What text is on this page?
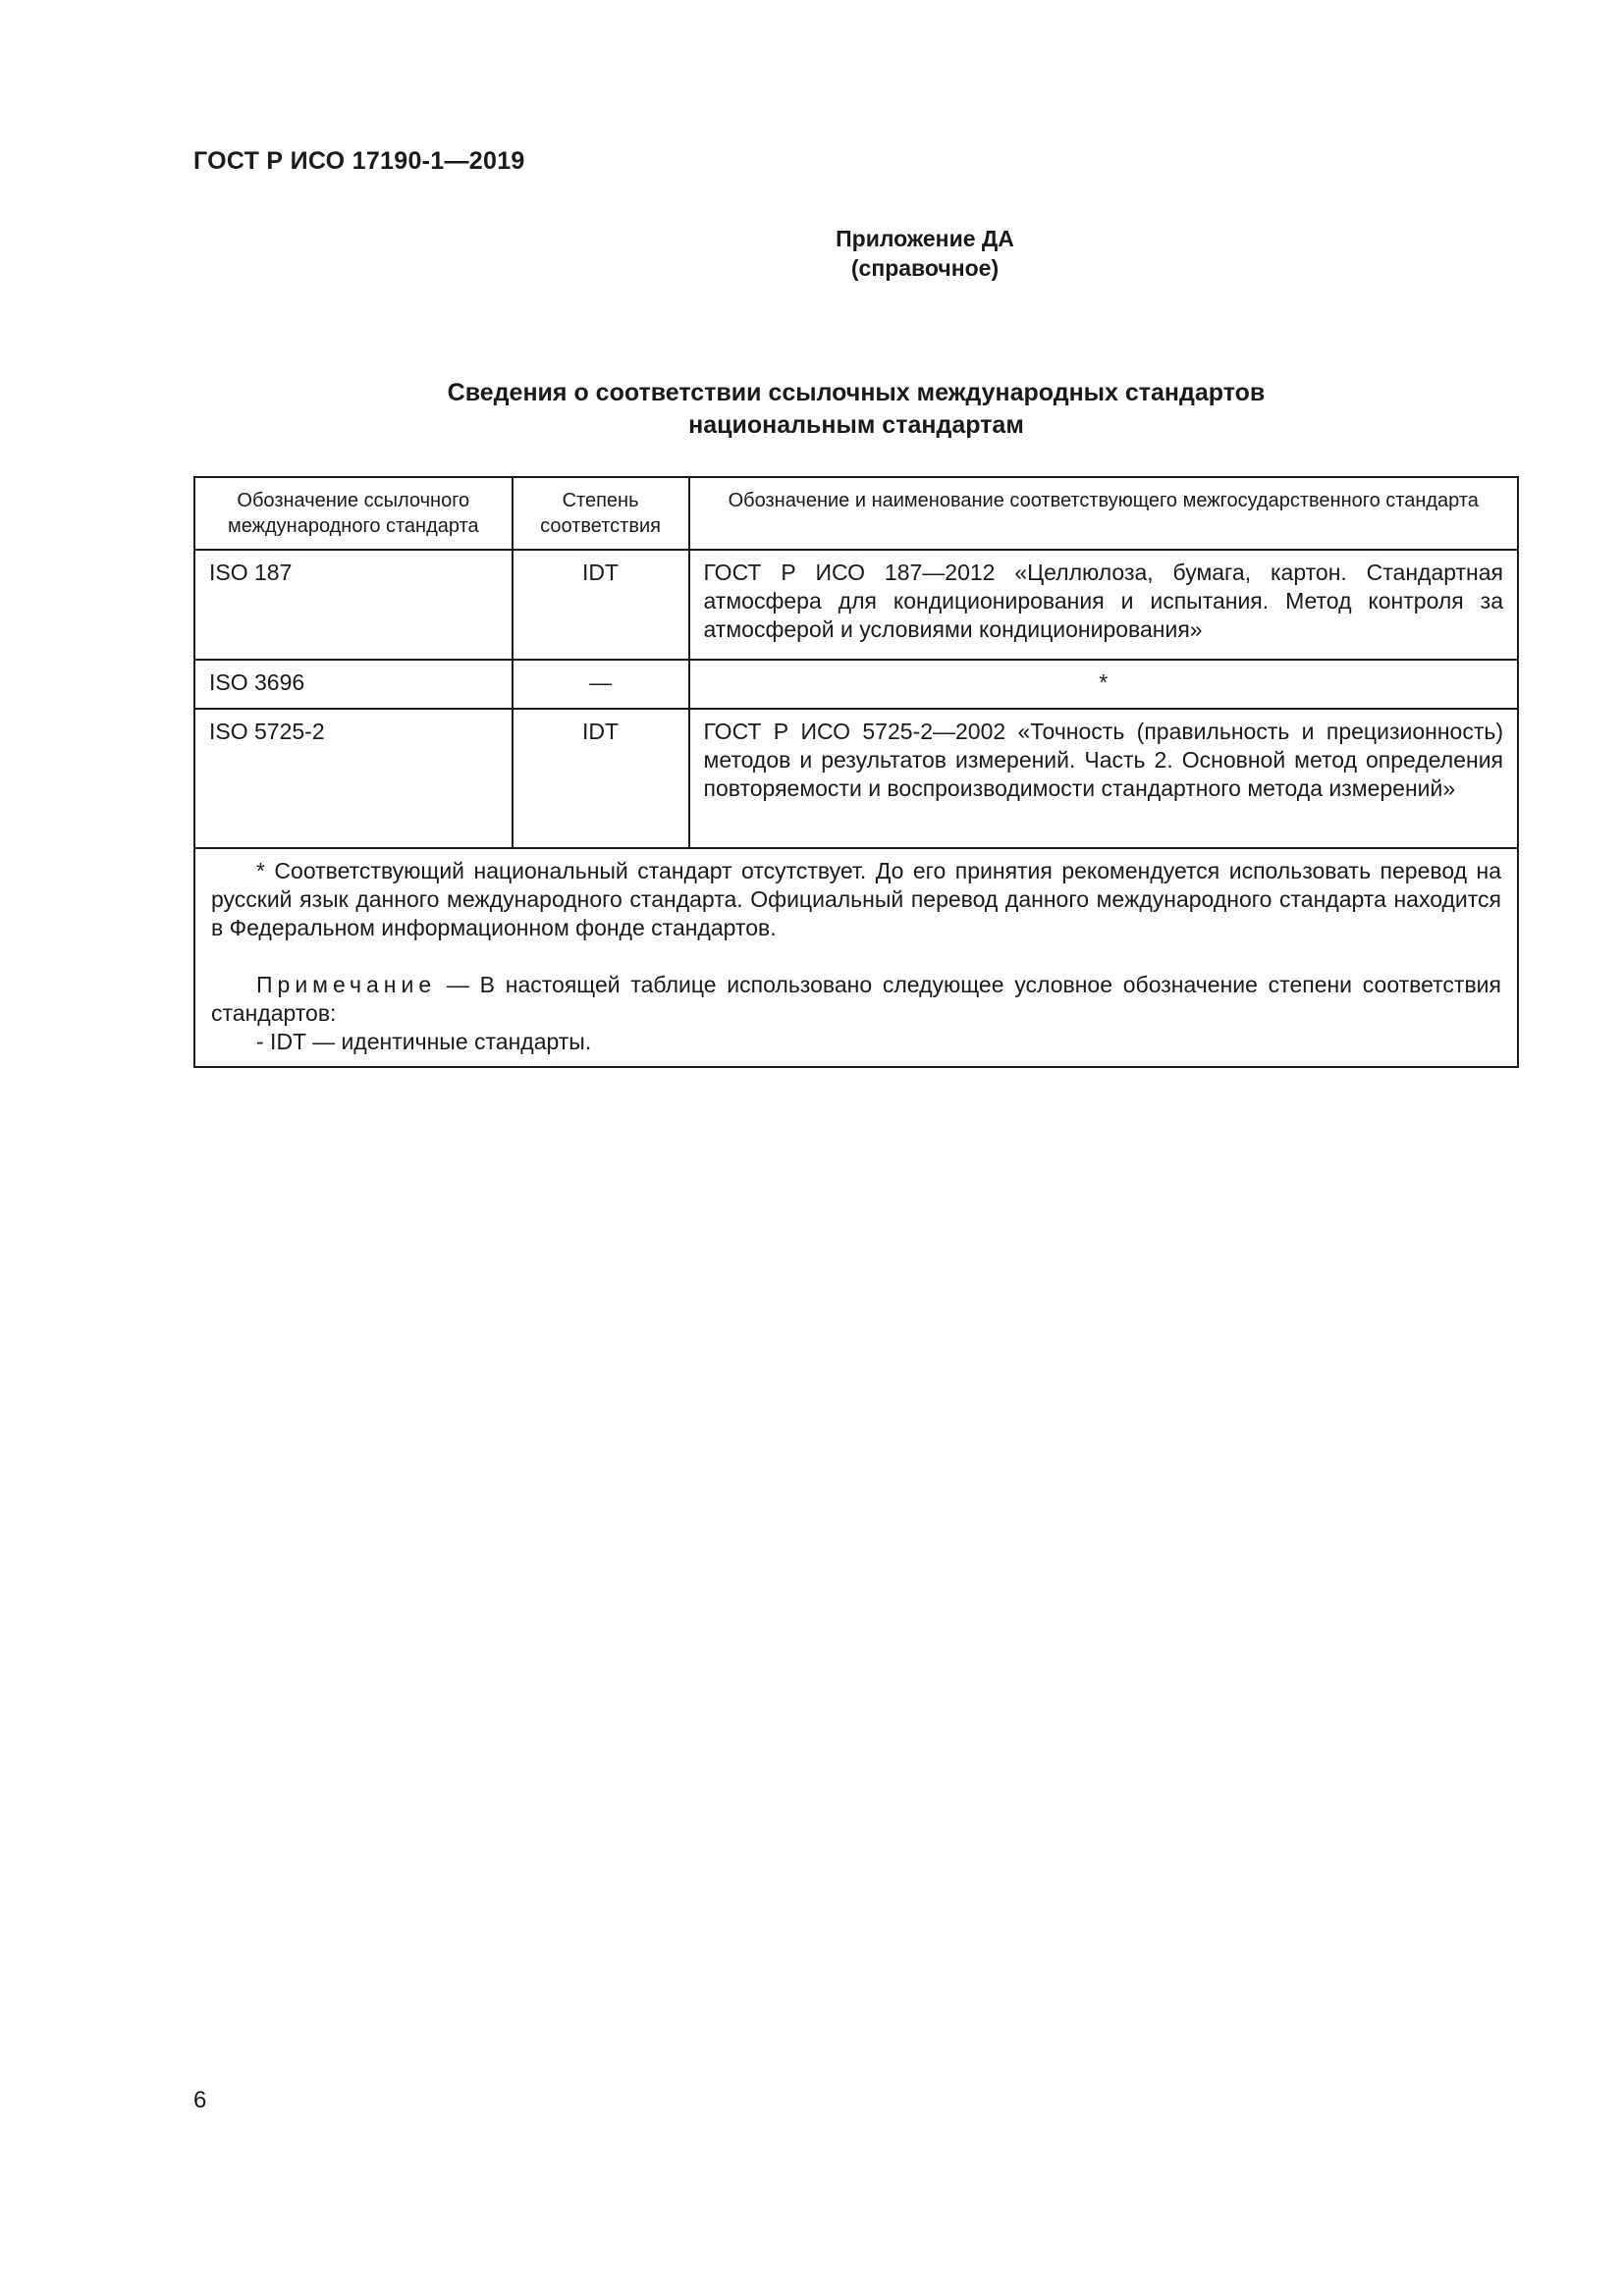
ГОСТ Р ИСО 17190-1—2019
Приложение ДА
(справочное)
Сведения о соответствии ссылочных международных стандартов
национальным стандартам
Обозначение ссылочного международного стандарта	Степень соответствия	Обозначение и наименование соответствующего межгосударственного стандарта
ISO 187	IDT	ГОСТ Р ИСО 187—2012 «Целлюлоза, бумага, картон. Стандартная атмосфера для кондиционирования и испытания. Метод контроля за атмосферой и условиями кондиционирования»
ISO 3696	—	*
ISO 5725-2	IDT	ГОСТ Р ИСО 5725-2—2002 «Точность (правильность и прецизионность) методов и результатов измерений. Часть 2. Основной метод определения повторяемости и воспроизводимости стандартного метода измерений»

* Соответствующий национальный стандарт отсутствует. До его принятия рекомендуется использовать перевод на русский язык данного международного стандарта. Официальный перевод данного международного стандарта находится в Федеральном информационном фонде стандартов.

Примечание — В настоящей таблице использовано следующее условное обозначение степени соответствия стандартов:

- IDT — идентичные стандарты.		

6
